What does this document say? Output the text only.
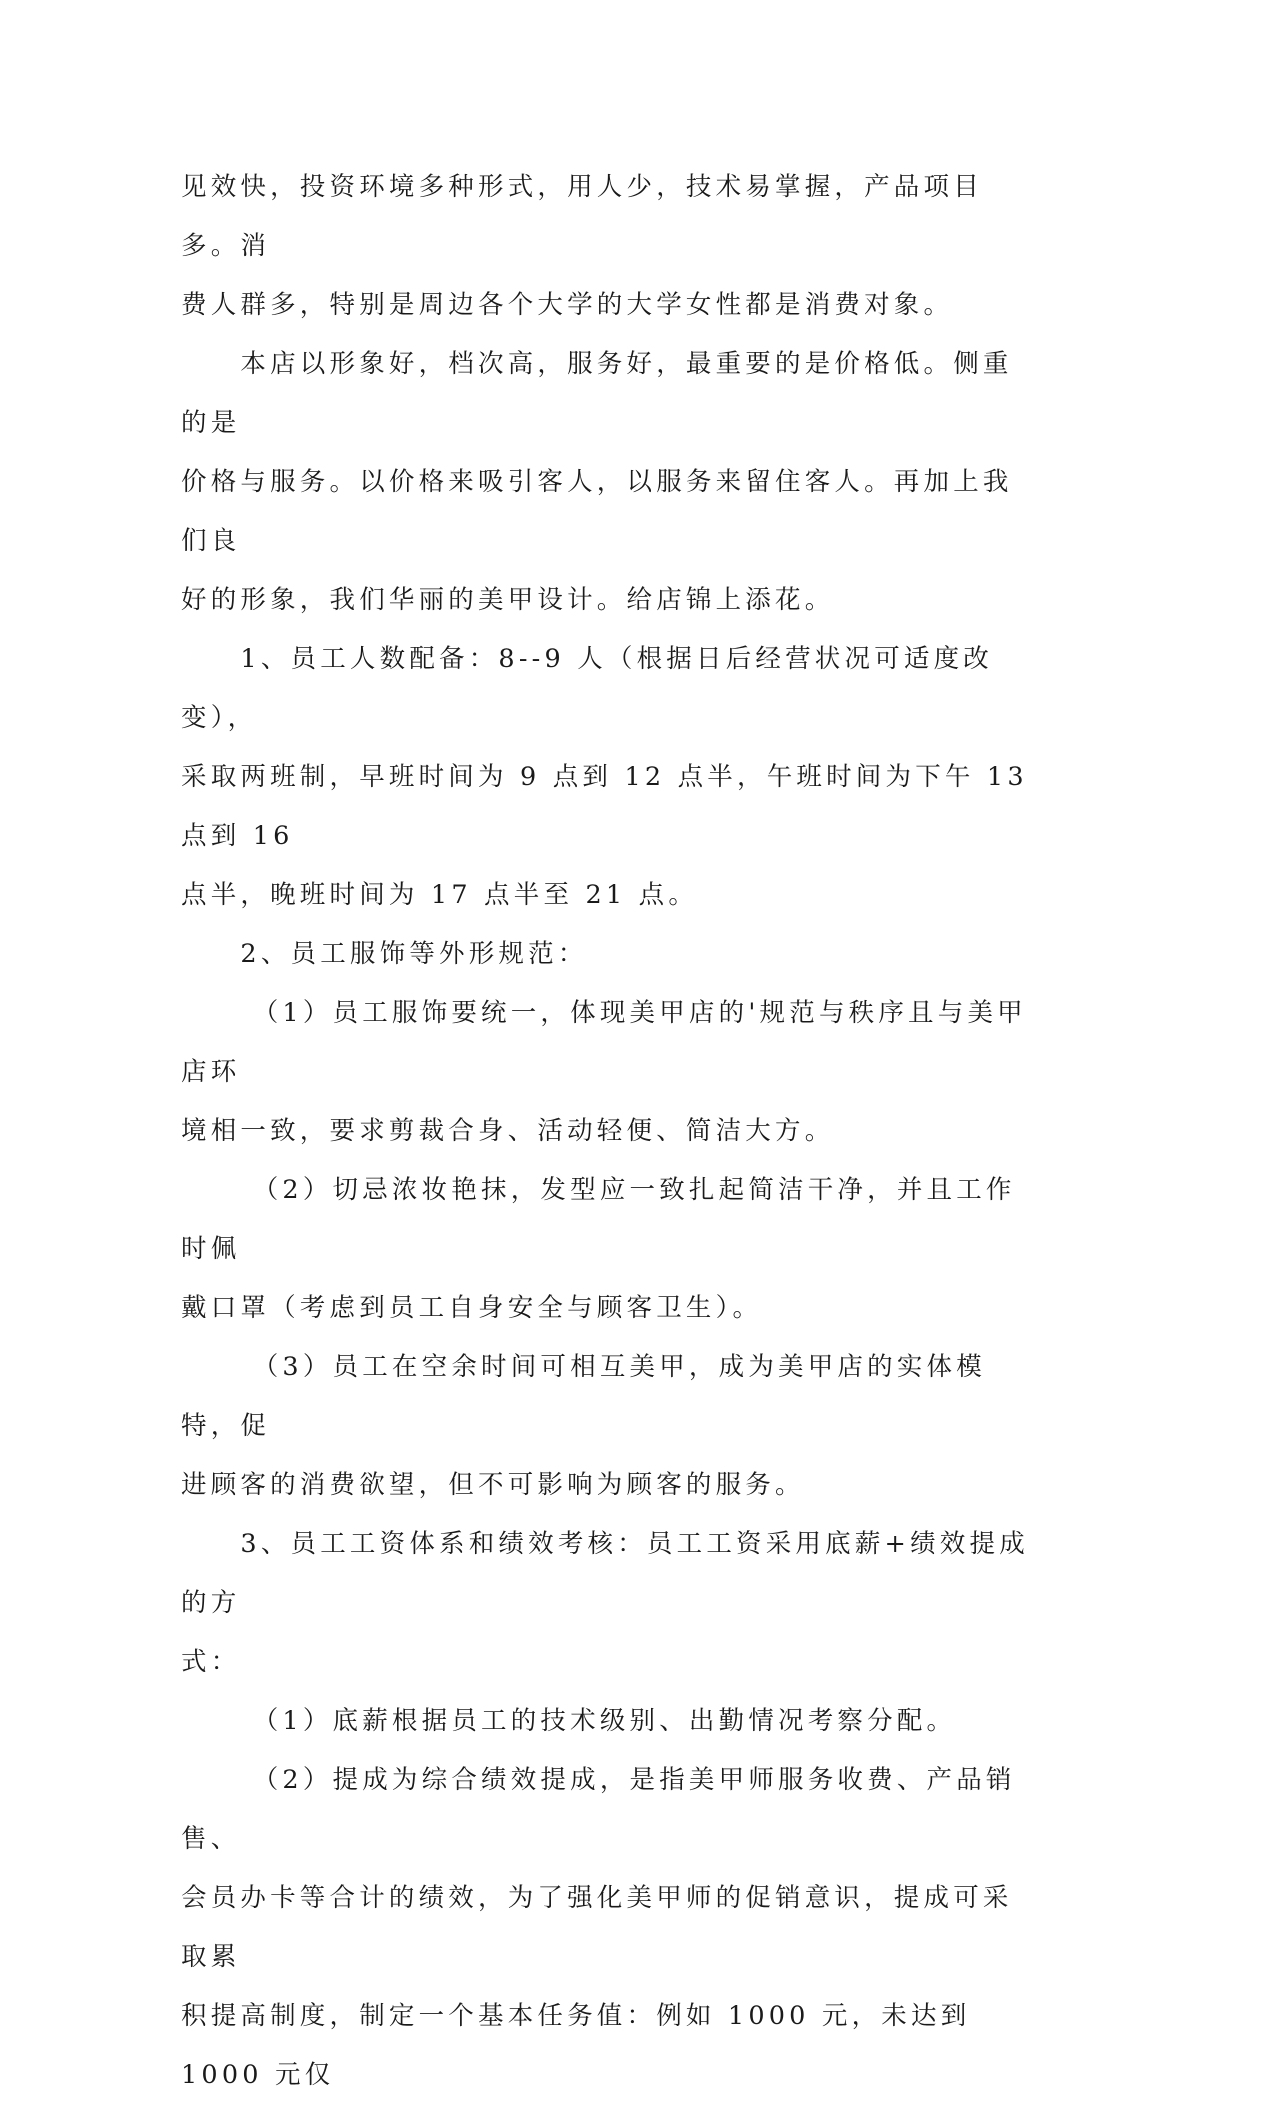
见效快，投资环境多种形式，用人少，技术易掌握，产品项目多。消
费人群多，特别是周边各个大学的大学女性都是消费对象。

　　本店以形象好，档次高，服务好，最重要的是价格低。侧重的是
价格与服务。以价格来吸引客人，以服务来留住客人。再加上我们良
好的形象，我们华丽的美甲设计。给店锦上添花。

　　1、员工人数配备：8--9 人（根据日后经营状况可适度改变），
采取两班制，早班时间为 9 点到 12 点半，午班时间为下午 13 点到 16
点半，晚班时间为 17 点半至 21 点。

　　2、员工服饰等外形规范：

　　 （1）员工服饰要统一，体现美甲店的'规范与秩序且与美甲店环
境相一致，要求剪裁合身、活动轻便、简洁大方。

　　 （2）切忌浓妆艳抹，发型应一致扎起简洁干净，并且工作时佩
戴口罩（考虑到员工自身安全与顾客卫生）。

　　 （3）员工在空余时间可相互美甲，成为美甲店的实体模特，促
进顾客的消费欲望，但不可影响为顾客的服务。

　　3、员工工资体系和绩效考核：员工工资采用底薪+绩效提成的方
式：

　　 （1）底薪根据员工的技术级别、出勤情况考察分配。

　　 （2）提成为综合绩效提成，是指美甲师服务收费、产品销售、
会员办卡等合计的绩效，为了强化美甲师的促销意识，提成可采取累
积提高制度，制定一个基本任务值：例如 1000 元，未达到 1000 元仅
